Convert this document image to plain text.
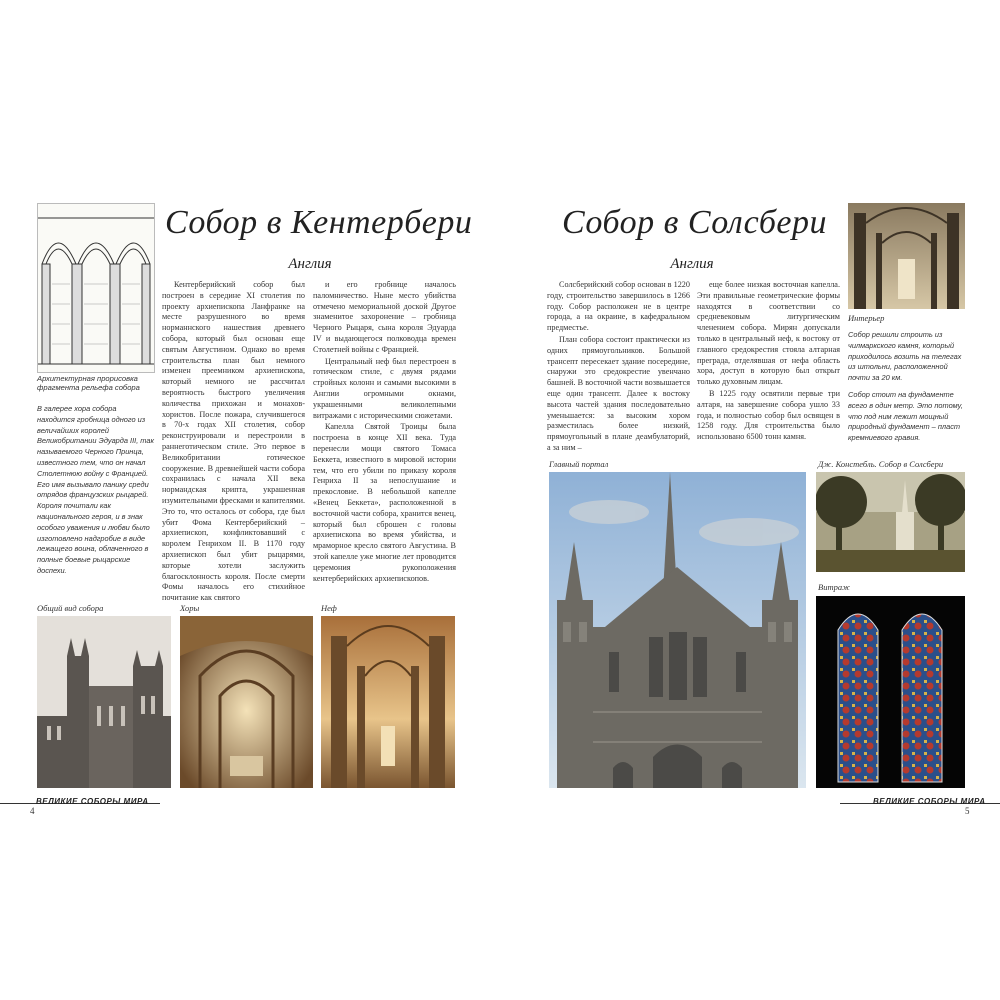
Архитектурная прорисовка фрагмента рельефа собора

В галерее хора собора находится гробница одного из величайших королей Великобритании Эдуарда III, так называемого Черного Принца, известного тем, что он начал Столетнюю войну с Францией. Его имя вызывало панику среди отрядов французских рыцарей. Короля почитали как национального героя, и в знак особого уважения и любви было изготовлено надгробие в виде лежащего воина, облаченного в полные боевые рыцарские доспехи.

Собор в Кентербери
Англия

Кентерберийский собор был построен в середине XI столетия по проекту архиепископа Ланфранке на месте разрушенного во время норманнского нашествия древнего собора, который был основан еще святым Августином. Однако во время строительства план был немного изменен преемником архиепископа, который немного не рассчитал вероятность быстрого увеличения количества прихожан и монахов-хористов. После пожара, случившегося в 70-х годах XII столетия, собор реконструировали и перестроили в раннеготическом стиле. Это первое в Великобритании готическое сооружение. В древнейшей части собора сохранилась с начала XII века нормандская крипта, украшенная изумительными фресками и капителями. Это то, что осталось от собора, где был убит Фома Кентерберийский – архиепископ, конфликтовавший с королем Генрихом II. В 1170 году архиепископ был убит рыцарями, которые хотели заслужить благосклонность короля. После смерти Фомы началось его стихийное почитание как святого

и его гробнице началось паломничество. Ныне место убийства отмечено мемориальной доской Другое знаменитое захоронение – гробница Черного Рыцаря, сына короля Эдуарда IV и выдающегося полководца времен Столетней войны с Францией.

Центральный неф был перестроен в готическом стиле, с двумя рядами стройных колонн и самыми высокими в Англии огромными окнами, украшенными великолепными витражами с историческими сюжетами.

Капелла Святой Троицы была построена в конце XII века. Туда перенесли мощи святого Томаса Беккета, известного в мировой истории тем, что его убили по приказу короля Генриха II за непослушание и прекословие. В небольшой капелле «Венец Беккета», расположенной в восточной части собора, хранится венец, который был сброшен с головы архиепископа во время убийства, и мраморное кресло святого Августина. В этой капелле уже многие лет проводится церемония рукоположения кентерберийских архиепископов.

Общий вид собора	Хоры	Неф

ВЕЛИКИЕ СОБОРЫ МИРА
4
Собор в Солсбери
Англия

Солсберийский собор основан в 1220 году, строительство завершилось в 1266 году. Собор расположен не в центре города, а на окраине, в кафедральном предместье.

План собора состоит практически из одних прямоугольников. Большой трансепт пересекает здание посередине, снаружи это средокрестие увенчано башней. В восточной части возвышается еще один трансепт. Далее к востоку высота частей здания последовательно уменьшается: за высоким хором разместилась более низкий, прямоугольный в плане деамбулаторий, а за ним –

еще более низкая восточная капелла. Эти правильные геометрические формы находятся в соответствии со средневековым литургическим членением собора. Мирян допускали только в центральный неф, к востоку от главного средокрестия стояла алтарная преграда, отделявшая от нефа область хора, доступ в которую был открыт только духовным лицам.

В 1225 году освятили первые три алтаря, на завершение собора ушло 33 года, и полностью собор был освящен в 1258 году. Для строительства было использовано 6500 тонн камня.

Интерьер

Собор решили строить из чилмаркского камня, который приходилось возить на телегах из штольни, расположенной почти за 20 км.

Собор стоит на фундаменте всего в один метр. Это потому, что под ним лежит мощный природный фундамент – пласт кремниевого гравия.

Главный портал	Дж. Констебль. Собор в Солсбери

Витраж

ВЕЛИКИЕ СОБОРЫ МИРА
5
